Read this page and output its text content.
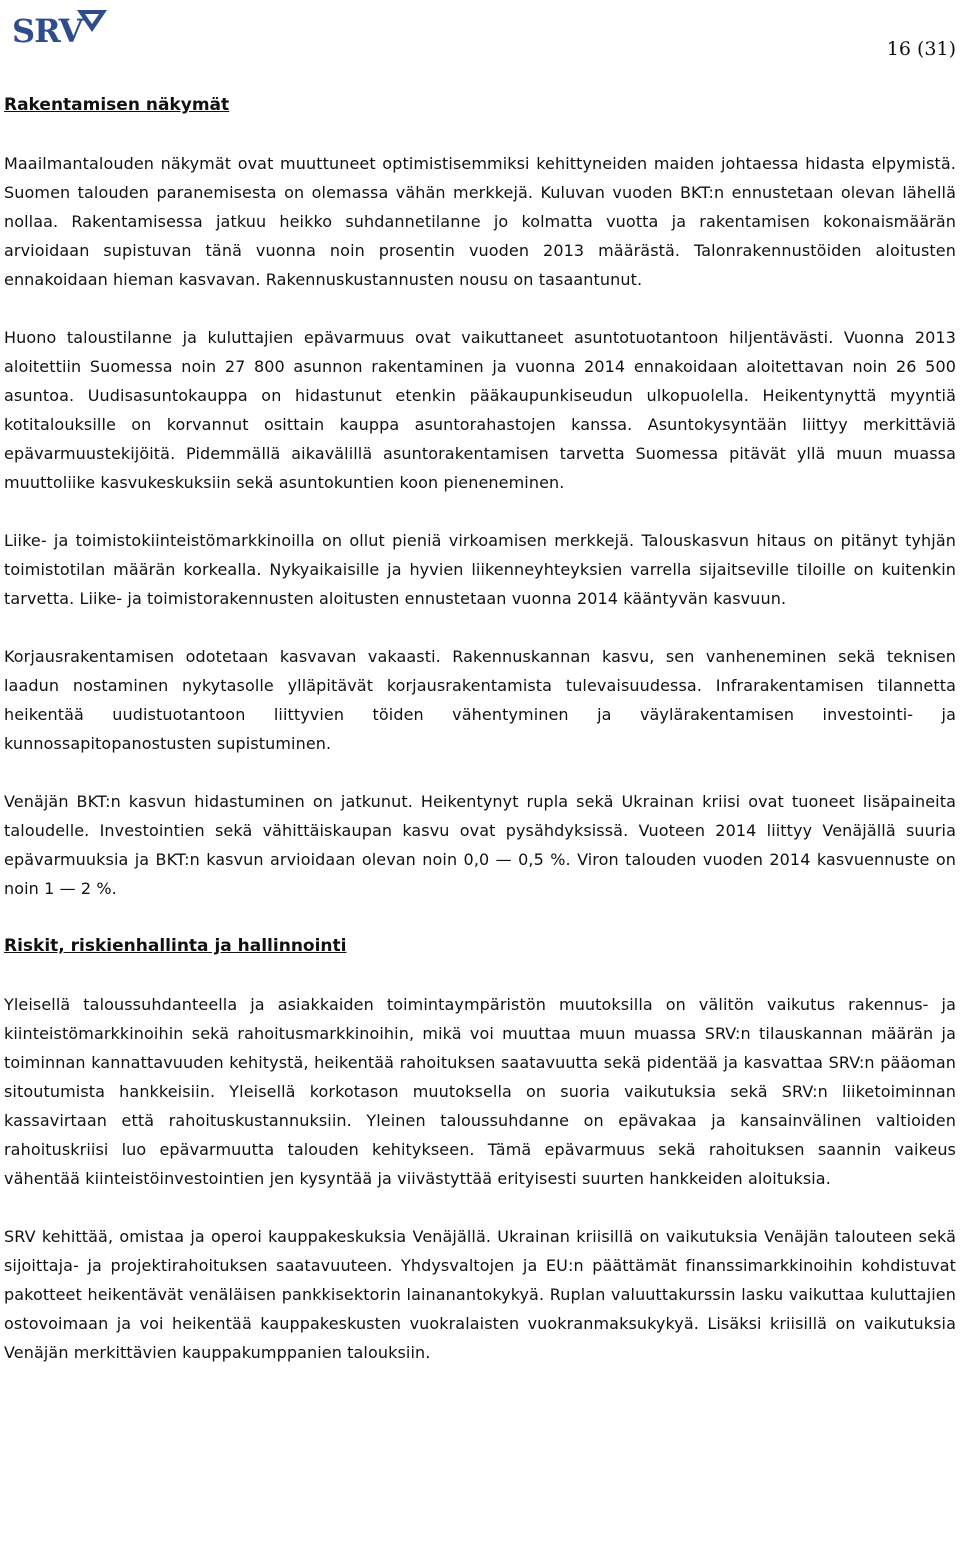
SRV	16 (31)
Rakentamisen näkymät

Maailmantalouden näkymät ovat muuttuneet optimistisemmiksi kehittyneiden maiden johtaessa hidasta elpymistä. Suomen talouden paranemisesta on olemassa vähän merkkejä. Kuluvan vuoden BKT:n ennustetaan olevan lähellä nollaa. Rakentamisessa jatkuu heikko suhdannetilanne jo kolmatta vuotta ja rakentamisen kokonaismäärän arvioidaan supistuvan tänä vuonna noin prosentin vuoden 2013 määrästä. Talonrakennustöiden aloitusten ennakoidaan hieman kasvavan. Rakennuskustannusten nousu on tasaantunut.

Huono taloustilanne ja kuluttajien epävarmuus ovat vaikuttaneet asuntotuotantoon hiljentävästi. Vuonna 2013 aloitettiin Suomessa noin 27 800 asunnon rakentaminen ja vuonna 2014 ennakoidaan aloitettavan noin 26 500 asuntoa. Uudisasuntokauppa on hidastunut etenkin pääkaupunkiseudun ulkopuolella. Heikentynyttä myyntiä kotitalouksille on korvannut osittain kauppa asuntorahastojen kanssa. Asuntokysyntään liittyy merkittäviä epävarmuustekijöitä. Pidemmällä aikavälillä asuntorakentamisen tarvetta Suomessa pitävät yllä muun muassa muuttoliike kasvukeskuksiin sekä asuntokuntien koon pieneneminen.

Liike- ja toimistokiinteistömarkkinoilla on ollut pieniä virkoamisen merkkejä. Talouskasvun hitaus on pitänyt tyhjän toimistotilan määrän korkealla. Nykyaikaisille ja hyvien liikenneyhteyksien varrella sijaitseville tiloille on kuitenkin tarvetta. Liike- ja toimistorakennusten aloitusten ennustetaan vuonna 2014 kääntyvän kasvuun.

Korjausrakentamisen odotetaan kasvavan vakaasti. Rakennuskannan kasvu, sen vanheneminen sekä teknisen laadun nostaminen nykytasolle ylläpitävät korjausrakentamista tulevaisuudessa. Infrarakentamisen tilannetta heikentää uudistuotantoon liittyvien töiden vähentyminen ja väylärakentamisen investointi- ja kunnossapitopanostusten supistuminen.

Venäjän BKT:n kasvun hidastuminen on jatkunut. Heikentynyt rupla sekä Ukrainan kriisi ovat tuoneet lisäpaineita taloudelle. Investointien sekä vähittäiskaupan kasvu ovat pysähdyksissä. Vuoteen 2014 liittyy Venäjällä suuria epävarmuuksia ja BKT:n kasvun arvioidaan olevan noin 0,0 — 0,5 %. Viron talouden vuoden 2014 kasvuennuste on noin 1 — 2 %.

Riskit, riskienhallinta ja hallinnointi

Yleisellä taloussuhdanteella ja asiakkaiden toimintaympäristön muutoksilla on välitön vaikutus rakennus- ja kiinteistömarkkinoihin sekä rahoitusmarkkinoihin, mikä voi muuttaa muun muassa SRV:n tilauskannan määrän ja toiminnan kannattavuuden kehitystä, heikentää rahoituksen saatavuutta sekä pidentää ja kasvattaa SRV:n pääoman sitoutumista hankkeisiin. Yleisellä korkotason muutoksella on suoria vaikutuksia sekä SRV:n liiketoiminnan kassavirtaan että rahoituskustannuksiin. Yleinen taloussuhdanne on epävakaa ja kansainvälinen valtioiden rahoituskriisi luo epävarmuutta talouden kehitykseen. Tämä epävarmuus sekä rahoituksen saannin vaikeus vähentää kiinteistöinvestointien jen kysyntää ja viivästyttää erityisesti suurten hankkeiden aloituksia.

SRV kehittää, omistaa ja operoi kauppakeskuksia Venäjällä. Ukrainan kriisillä on vaikutuksia Venäjän talouteen sekä sijoittaja- ja projektirahoituksen saatavuuteen. Yhdysvaltojen ja EU:n päättämät finanssimarkkinoihin kohdistuvat pakotteet heikentävät venäläisen pankkisektorin lainanantokykyä. Ruplan valuuttakurssin lasku vaikuttaa kuluttajien ostovoimaan ja voi heikentää kauppakeskusten vuokralaisten vuokranmaksukykyä. Lisäksi kriisillä on vaikutuksia Venäjän merkittävien kauppakumppanien talouksiin.
